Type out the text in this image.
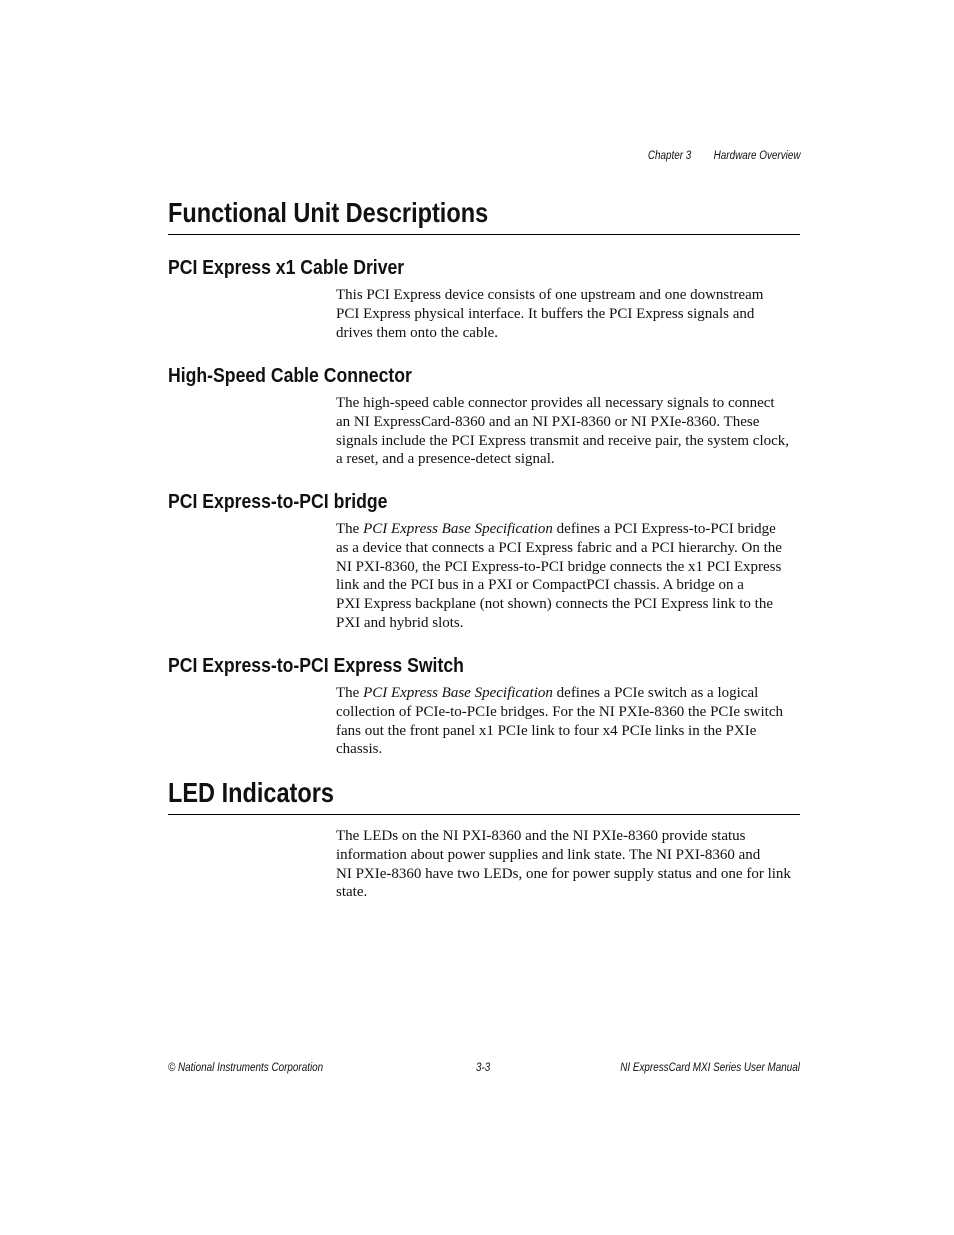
Chapter 3 Hardware Overview
Functional Unit Descriptions
PCI Express x1 Cable Driver

This PCI Express device consists of one upstream and one downstream
PCI Express physical interface. It buffers the PCI Express signals and
drives them onto the cable.

High-Speed Cable Connector

The high-speed cable connector provides all necessary signals to connect
an NI ExpressCard-8360 and an NI PXI-8360 or NI PXIe-8360. These
signals include the PCI Express transmit and receive pair, the system clock,
a reset, and a presence-detect signal.

PCI Express-to-PCI bridge

The PCI Express Base Specification defines a PCI Express-to-PCI bridge
as a device that connects a PCI Express fabric and a PCI hierarchy. On the
NI PXI-8360, the PCI Express-to-PCI bridge connects the x1 PCI Express
link and the PCI bus in a PXI or CompactPCI chassis. A bridge on a
PXI Express backplane (not shown) connects the PCI Express link to the
PXI and hybrid slots.

PCI Express-to-PCI Express Switch

The PCI Express Base Specification defines a PCIe switch as a logical
collection of PCIe-to-PCIe bridges. For the NI PXIe-8360 the PCIe switch
fans out the front panel x1 PCIe link to four x4 PCIe links in the PXIe
chassis.

LED Indicators

The LEDs on the NI PXI-8360 and the NI PXIe-8360 provide status
information about power supplies and link state. The NI PXI-8360 and
NI PXIe-8360 have two LEDs, one for power supply status and one for link
state.

© National Instruments Corporation	3-3	NI ExpressCard MXI Series User Manual
